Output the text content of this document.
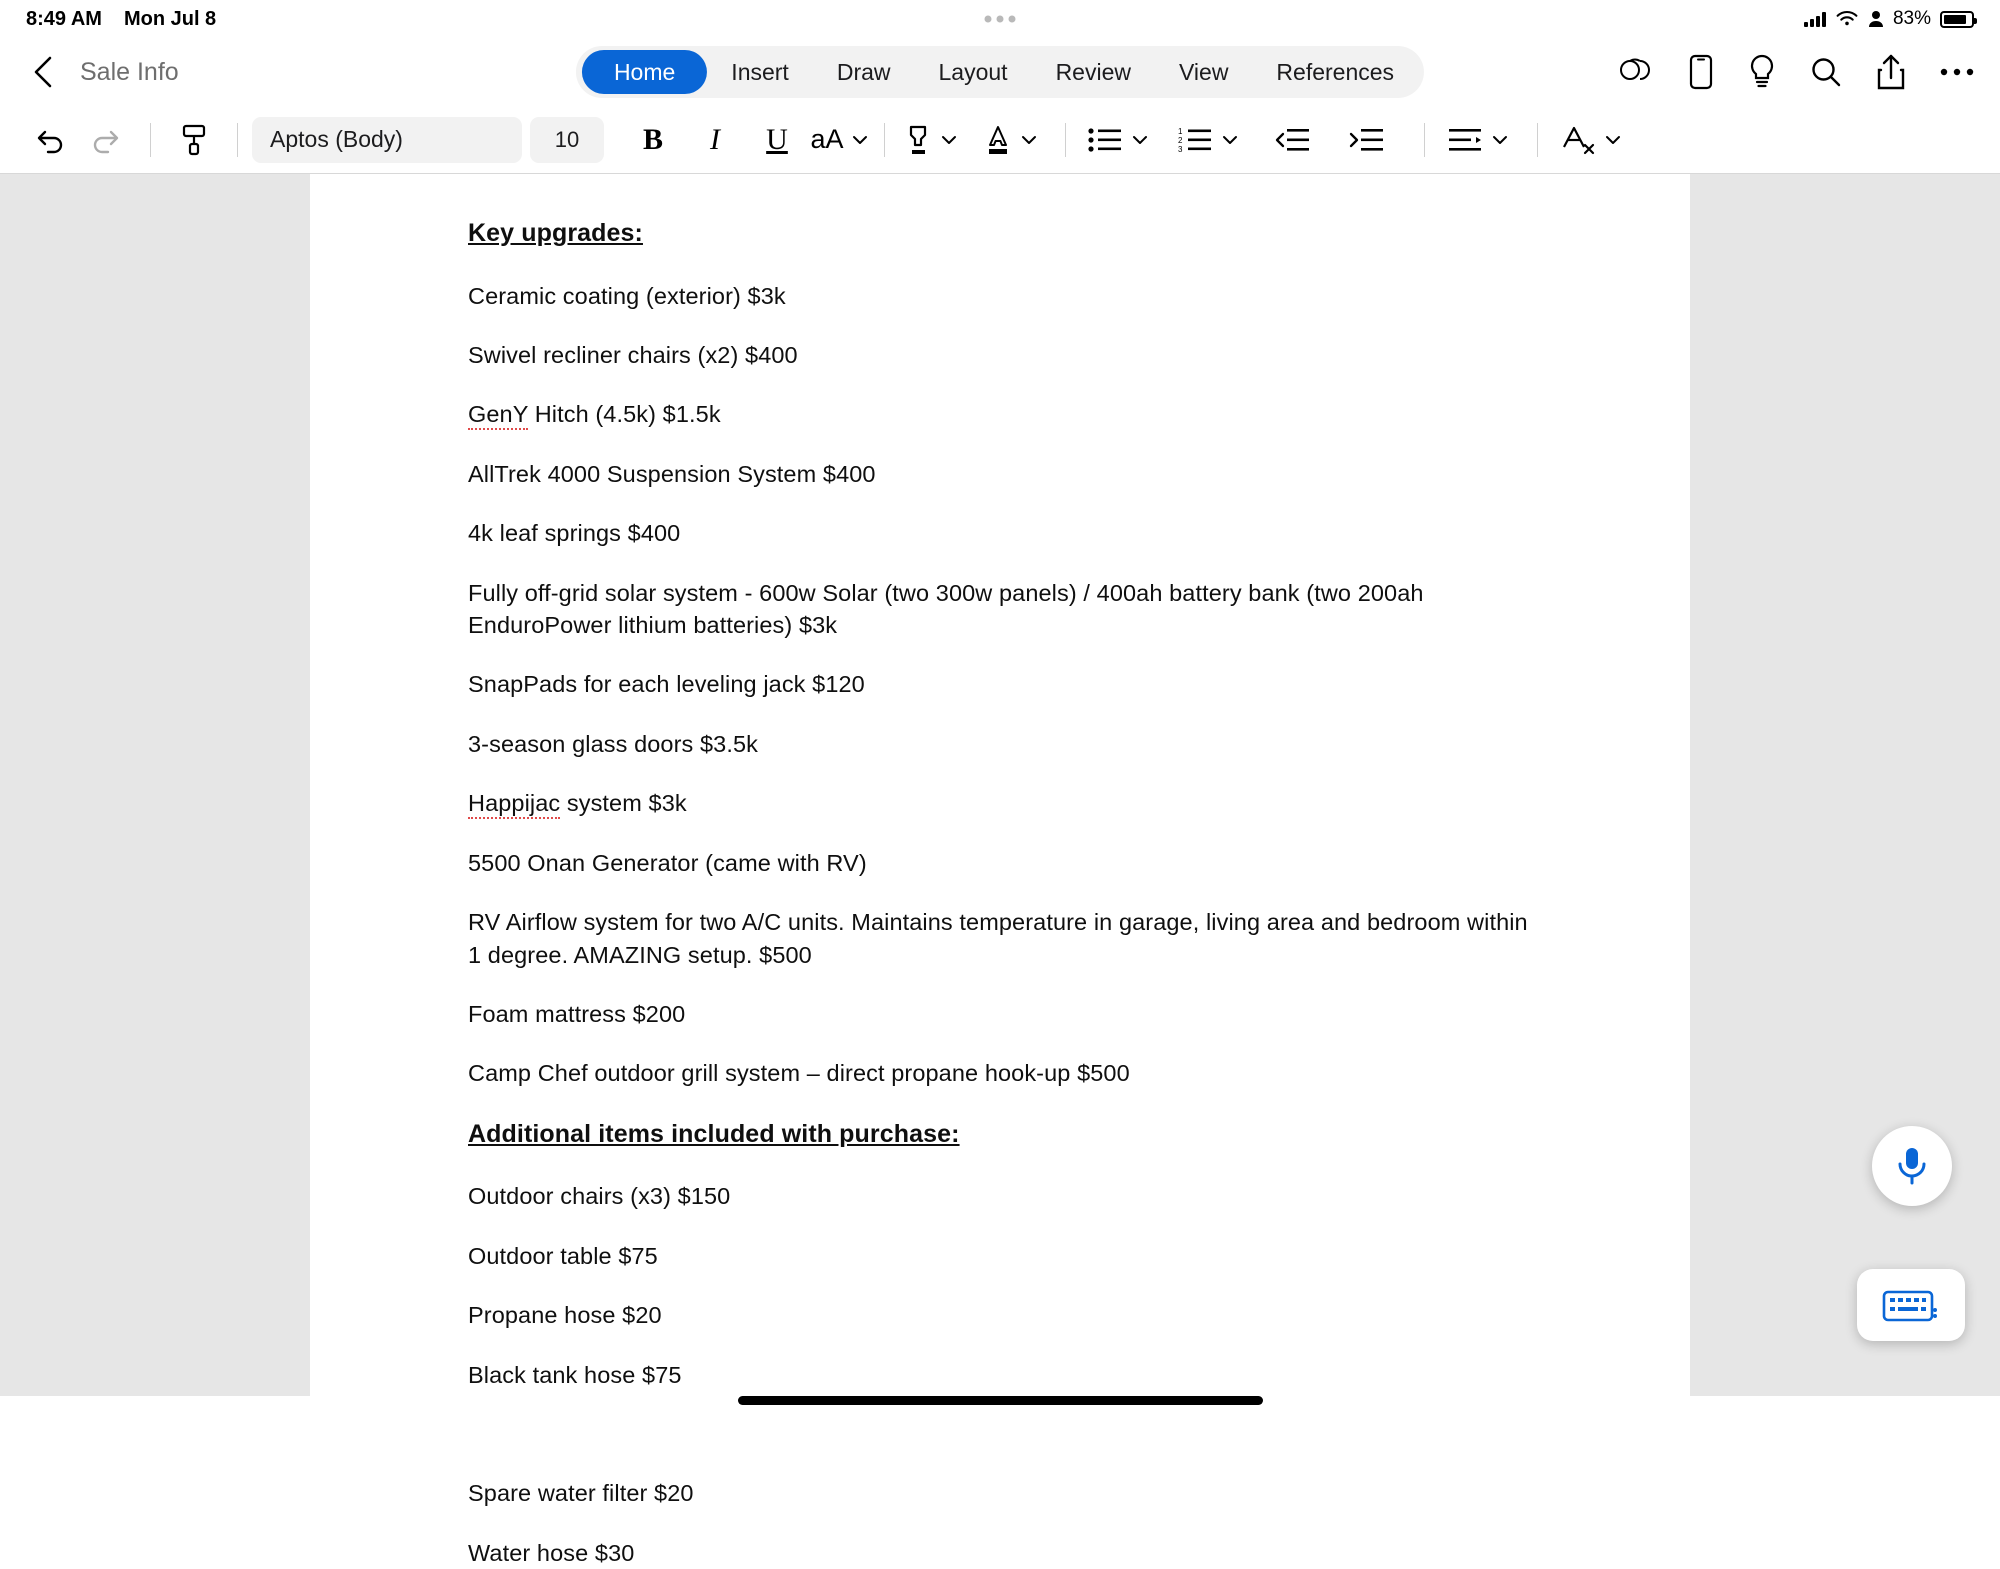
8:49 AM Mon Jul 8	83%
Sale Info	Home	Insert	Draw	Layout	Review	View	References
Aptos (Body)	10	B I U aA	1
2
3
Key upgrades:
Ceramic coating (exterior) $3k
Swivel recliner chairs (x2) $400
GenY Hitch (4.5k) $1.5k
AllTrek 4000 Suspension System $400
4k leaf springs $400
Fully off-grid solar system - 600w Solar (two 300w panels) / 400ah battery bank (two 200ah EnduroPower lithium batteries) $3k
SnapPads for each leveling jack $120
3-season glass doors $3.5k
Happijac system $3k
5500 Onan Generator (came with RV)
RV Airflow system for two A/C units. Maintains temperature in garage, living area and bedroom within 1 degree. AMAZING setup. $500
Foam mattress $200
Camp Chef outdoor grill system – direct propane hook-up $500
Additional items included with purchase:
Outdoor chairs (x3) $150
Outdoor table $75
Propane hose $20
Black tank hose $75
Spare water filter $20
Water hose $30
